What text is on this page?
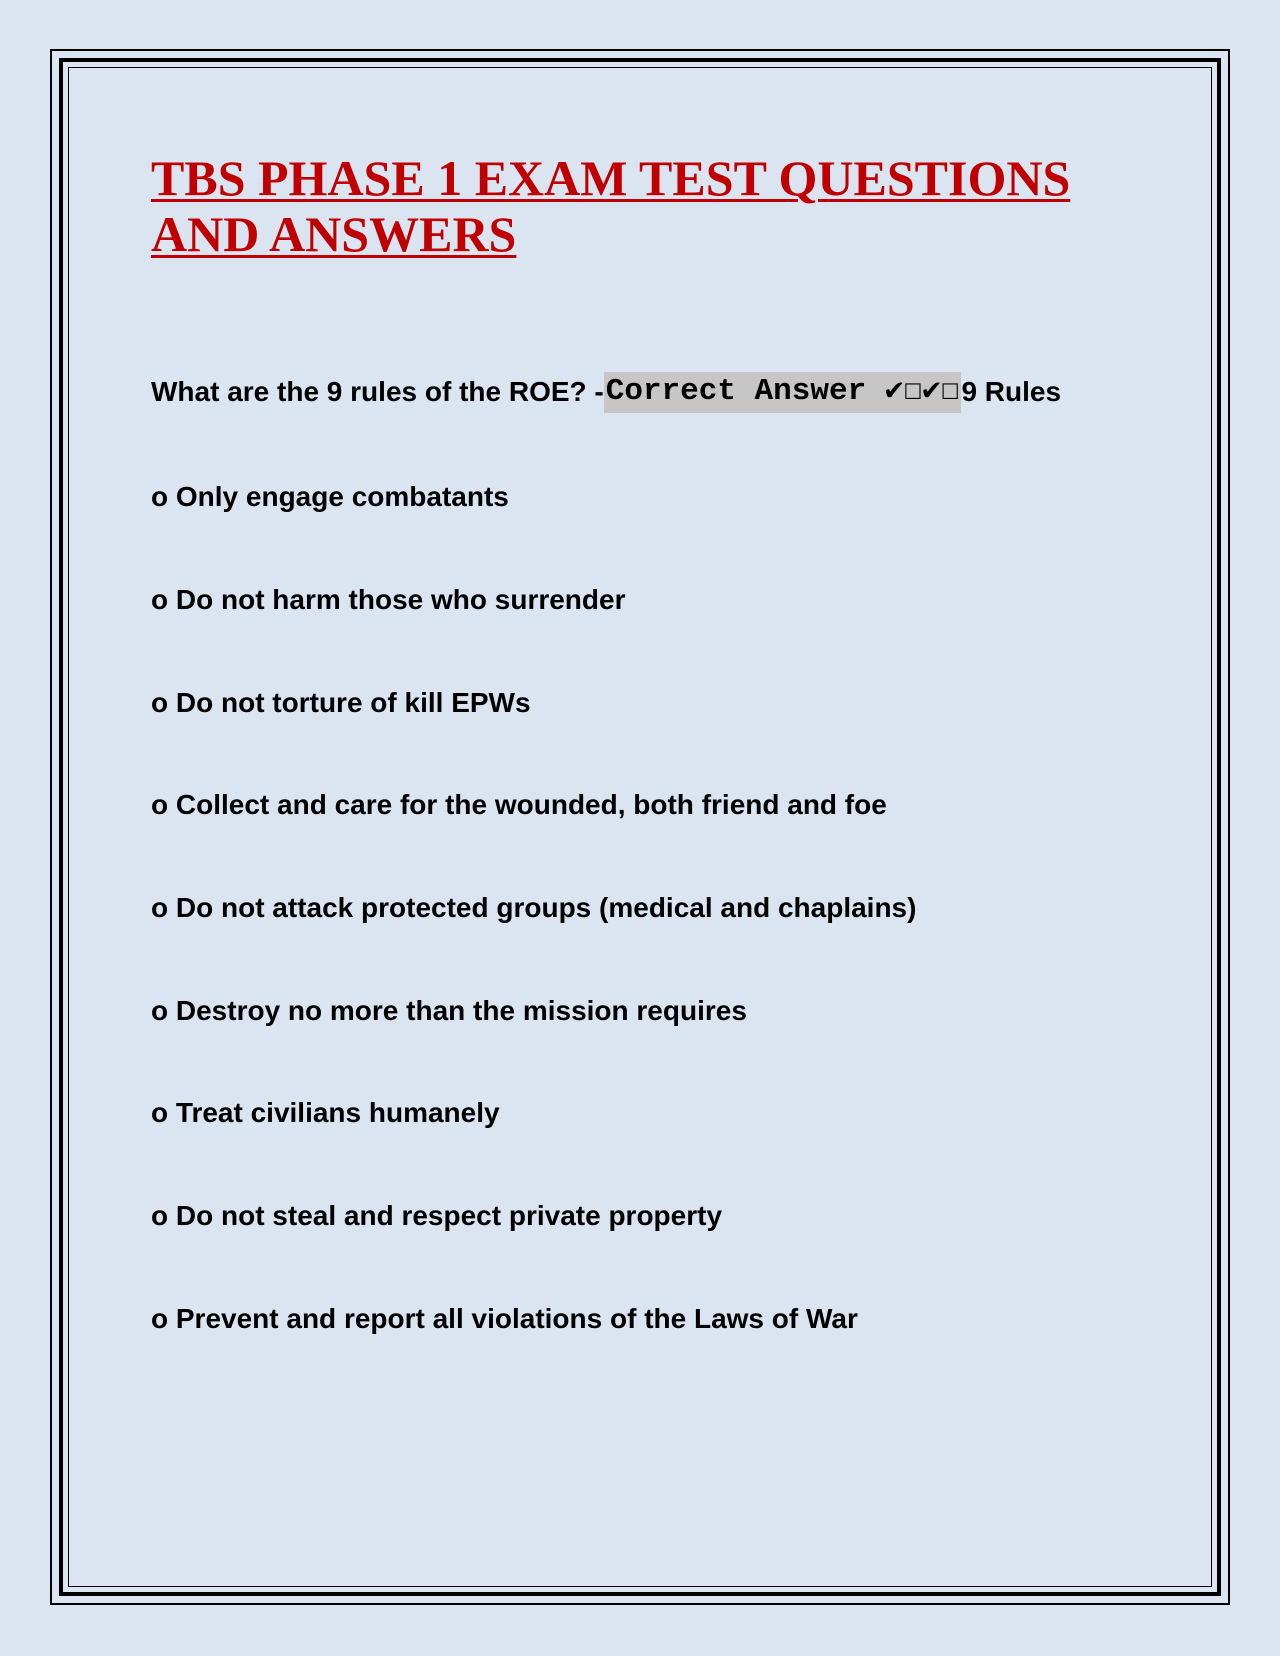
TBS PHASE 1 EXAM TEST QUESTIONS AND ANSWERS
What are the 9 rules of the ROE? - Correct Answer ✔☐✔☐ 9 Rules
o Only engage combatants
o Do not harm those who surrender
o Do not torture of kill EPWs
o Collect and care for the wounded, both friend and foe
o Do not attack protected groups (medical and chaplains)
o Destroy no more than the mission requires
o Treat civilians humanely
o Do not steal and respect private property
o Prevent and report all violations of the Laws of War
